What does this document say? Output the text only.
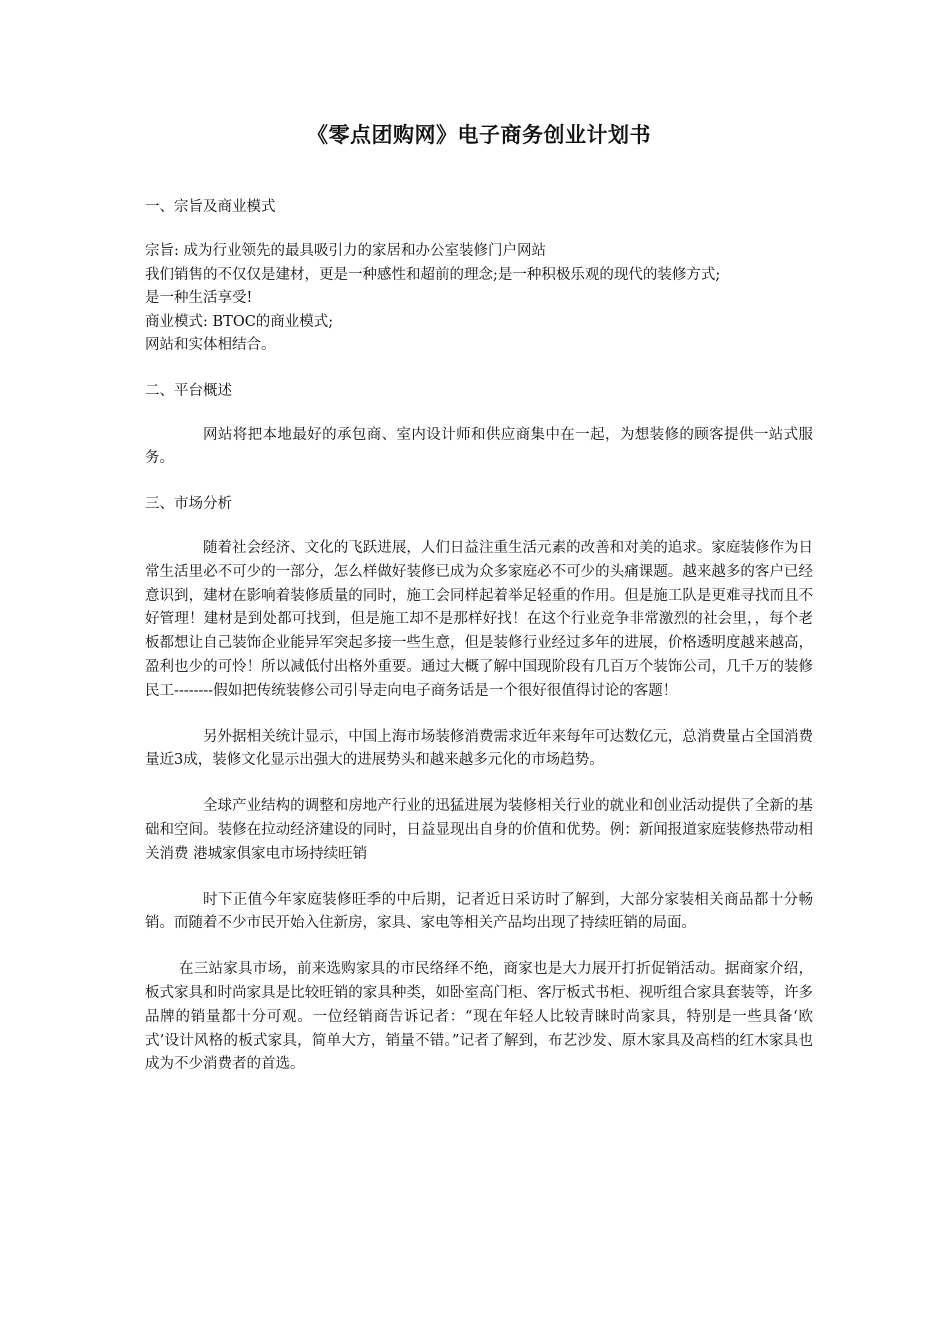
《零点团购网》电子商务创业计划书
一、宗旨及商业模式
宗旨: 成为行业领先的最具吸引力的家居和办公室装修门户网站
我们销售的不仅仅是建材，更是一种感性和超前的理念;是一种积极乐观的现代的装修方式;
是一种生活享受!
商业模式: BTOC的商业模式;
网站和实体相结合。
二、平台概述

网站将把本地最好的承包商、室内设计师和供应商集中在一起，为想装修的顾客提供一站式服务。

三、市场分析

随着社会经济、文化的飞跃进展，人们日益注重生活元素的改善和对美的追求。家庭装修作为日常生活里必不可少的一部分，怎么样做好装修已成为众多家庭必不可少的头痛课题。越来越多的客户已经意识到，建材在影响着装修质量的同时，施工会同样起着举足轻重的作用。但是施工队是更难寻找而且不好管理！建材是到处都可找到，但是施工却不是那样好找！在这个行业竞争非常激烈的社会里，，每个老板都想让自己装饰企业能异军突起多接一些生意，但是装修行业经过多年的进展，价格透明度越来越高，盈利也少的可怜！所以减低付出格外重要。通过大概了解中国现阶段有几百万个装饰公司，几千万的装修民工--------假如把传统装修公司引导走向电子商务话是一个很好很值得讨论的客题！

另外据相关统计显示，中国上海市场装修消费需求近年来每年可达数亿元，总消费量占全国消费量近3成，装修文化显示出强大的进展势头和越来越多元化的市场趋势。

全球产业结构的调整和房地产行业的迅猛进展为装修相关行业的就业和创业活动提供了全新的基础和空间。装修在拉动经济建设的同时，日益显现出自身的价值和优势。例：新闻报道家庭装修热带动相关消费 港城家俱家电市场持续旺销

时下正值今年家庭装修旺季的中后期，记者近日采访时了解到，大部分家装相关商品都十分畅销。而随着不少市民开始入住新房，家具、家电等相关产品均出现了持续旺销的局面。

在三站家具市场，前来选购家具的市民络绎不绝，商家也是大力展开打折促销活动。据商家介绍，板式家具和时尚家具是比较旺销的家具种类，如卧室高门柜、客厅板式书柜、视听组合家具套装等，许多品牌的销量都十分可观。一位经销商告诉记者：“现在年轻人比较青睐时尚家具，特别是一些具备‘欧式’设计风格的板式家具，简单大方，销量不错。”记者了解到，布艺沙发、原木家具及高档的红木家具也成为不少消费者的首选。
